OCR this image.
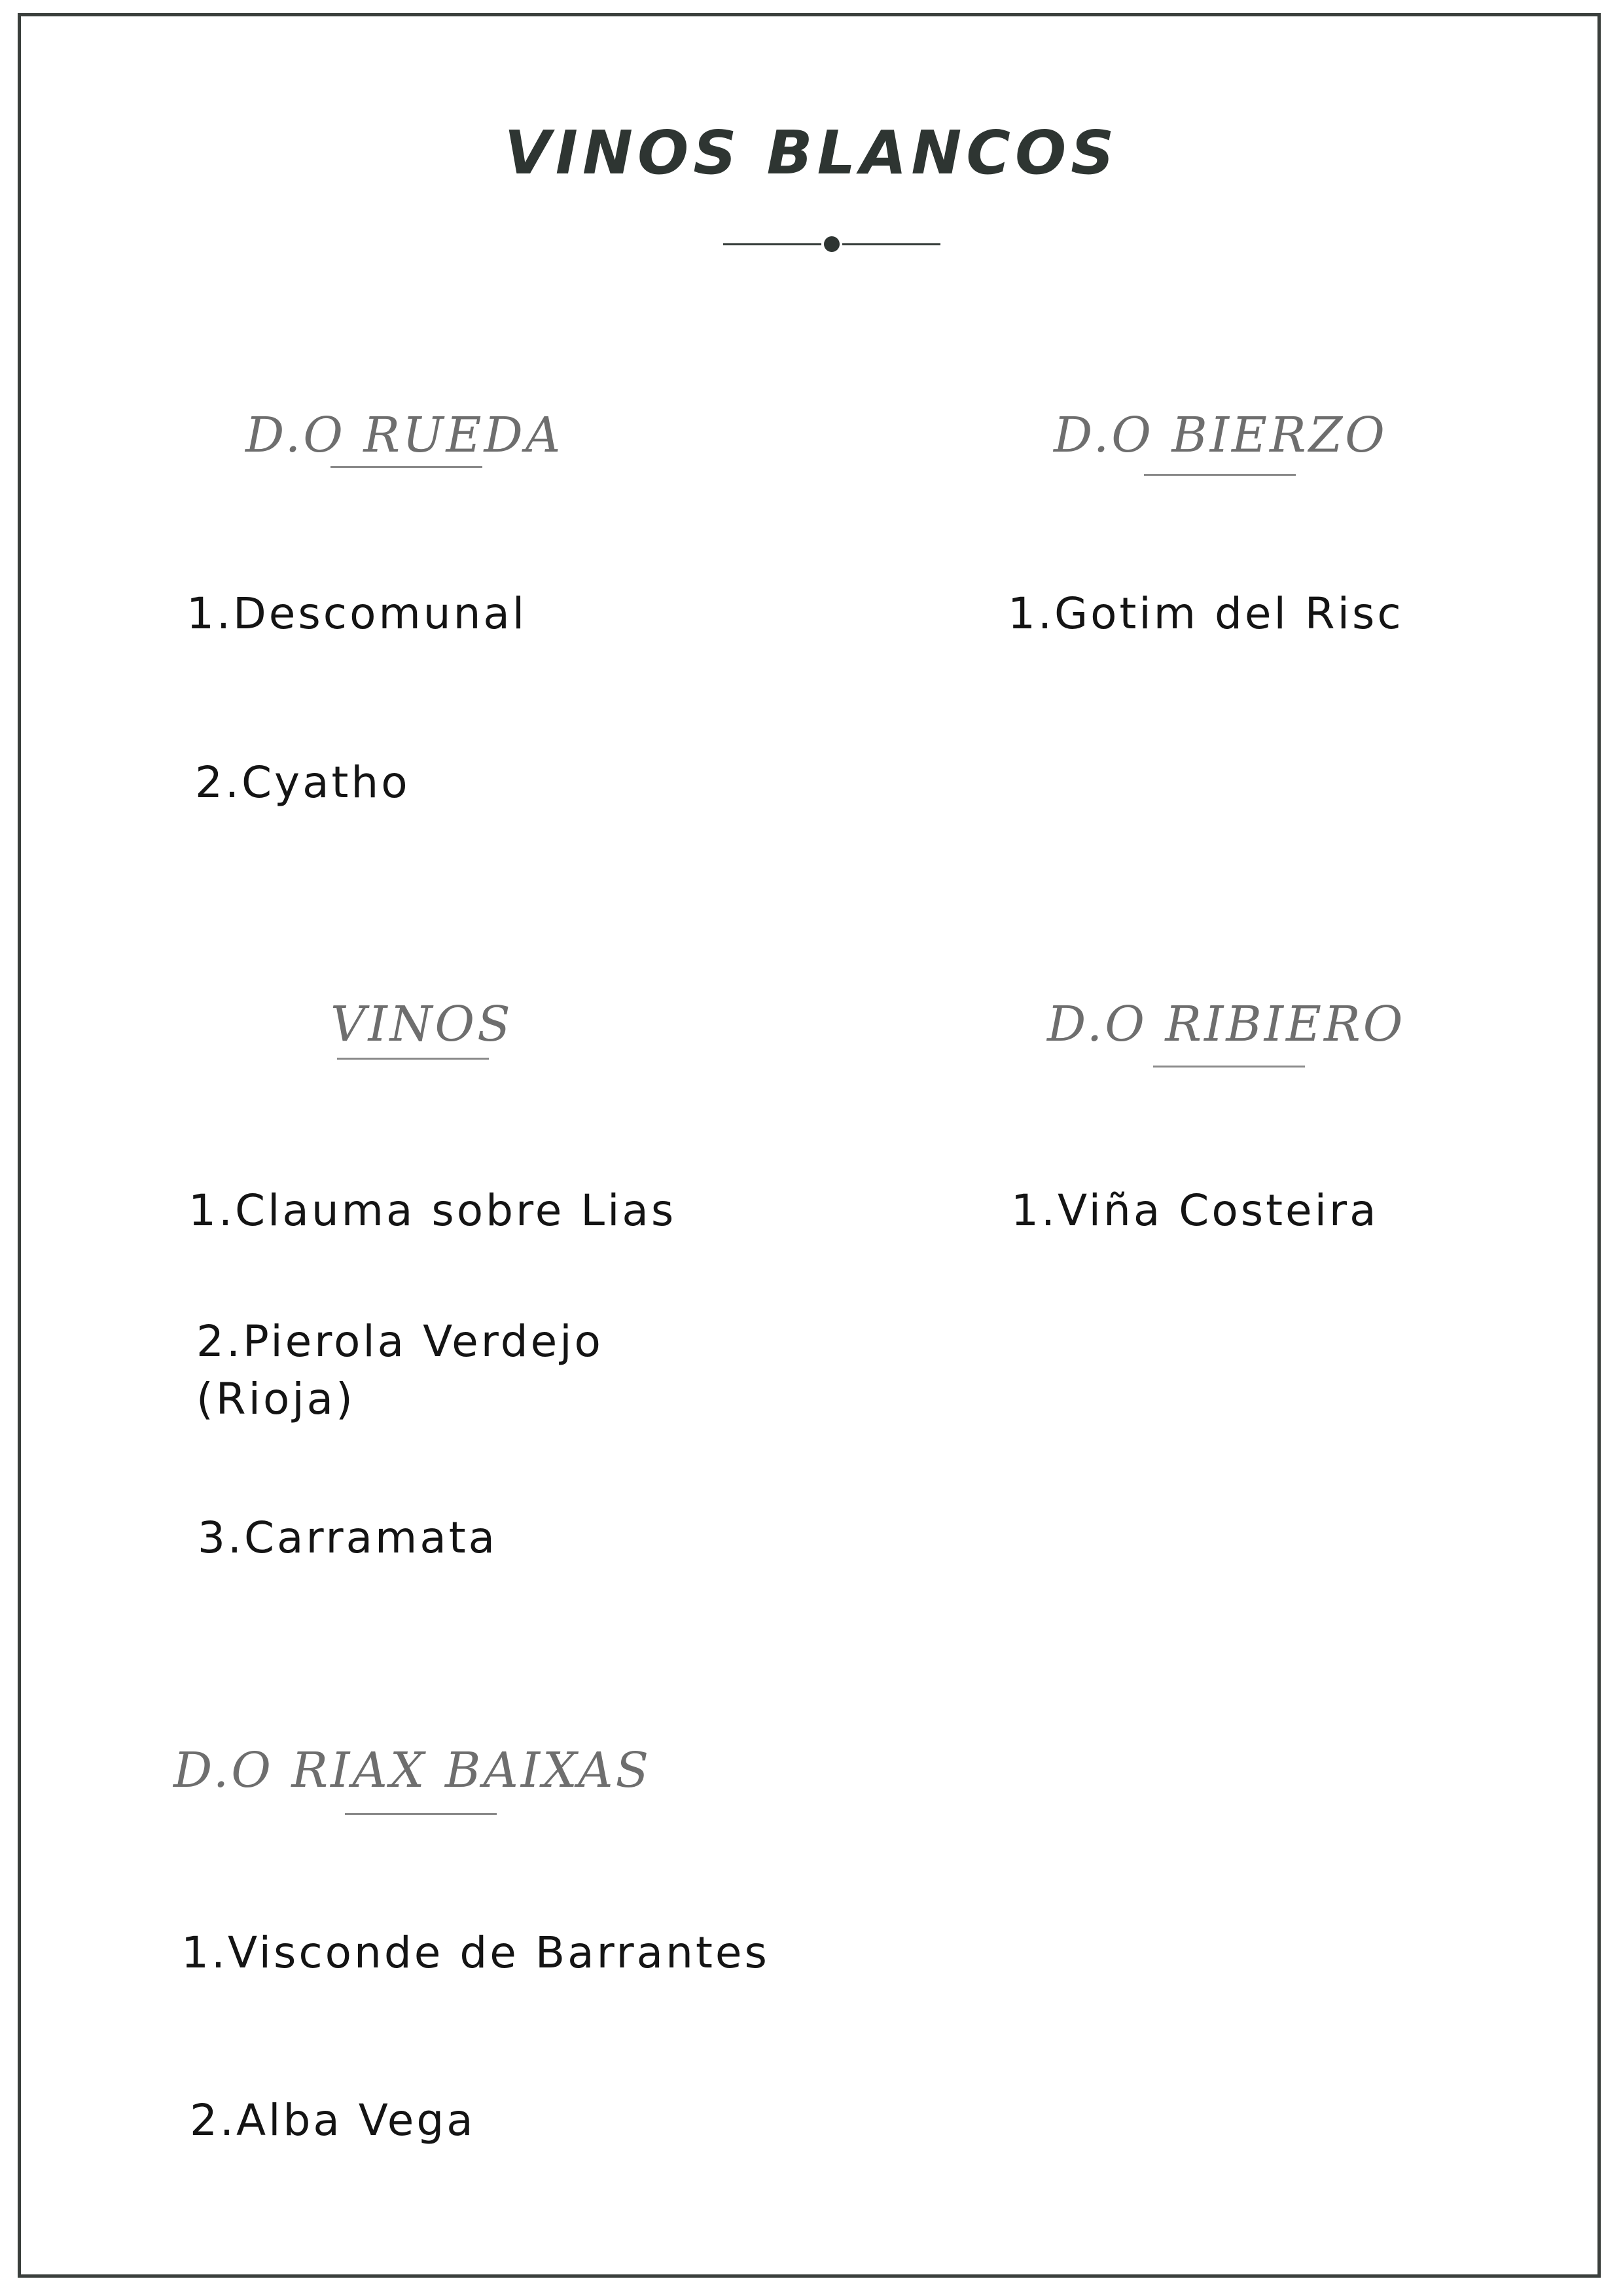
VINOS BLANCOS
D.O RUEDA
1.Descomunal
2.Cyatho
D.O BIERZO
1.Gotim del Risc
VINOS
1.Clauma sobre Lias
2.Pierola Verdejo
(Rioja)
3.Carramata
D.O RIBIERO
1.Viña Costeira
D.O RIAX BAIXAS
1.Visconde de Barrantes
2.Alba Vega
